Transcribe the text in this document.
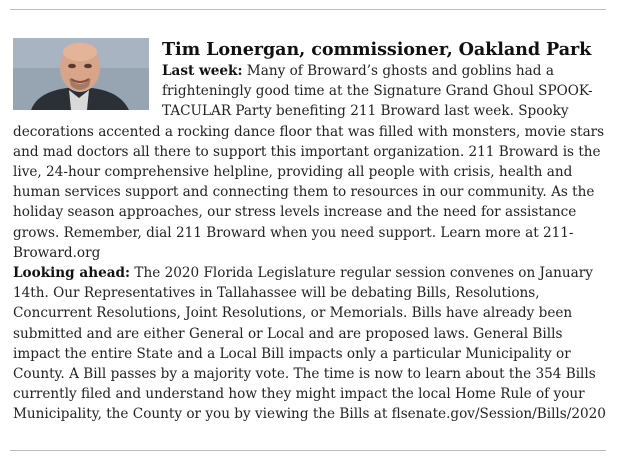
Tim Lonergan, commissioner, Oakland Park

Last week: Many of Broward’s ghosts and goblins had a frighteningly good time at the Signature Grand Ghoul SPOOK-TACULAR Party benefiting 211 Broward last week. Spooky decorations accented a rocking dance floor that was filled with monsters, movie stars and mad doctors all there to support this important organization. 211 Broward is the live, 24-hour comprehensive helpline, providing all people with crisis, health and human services support and connecting them to resources in our community. As the holiday season approaches, our stress levels increase and the need for assistance grows. Remember, dial 211 Broward when you need support. Learn more at 211-Broward.org

Looking ahead: The 2020 Florida Legislature regular session convenes on January 14th. Our Representatives in Tallahassee will be debating Bills, Resolutions, Concurrent Resolutions, Joint Resolutions, or Memorials. Bills have already been submitted and are either General or Local and are proposed laws. General Bills impact the entire State and a Local Bill impacts only a particular Municipality or County. A Bill passes by a majority vote. The time is now to learn about the 354 Bills currently filed and understand how they might impact the local Home Rule of your Municipality, the County or you by viewing the Bills at flsenate.gov/Session/Bills/2020
